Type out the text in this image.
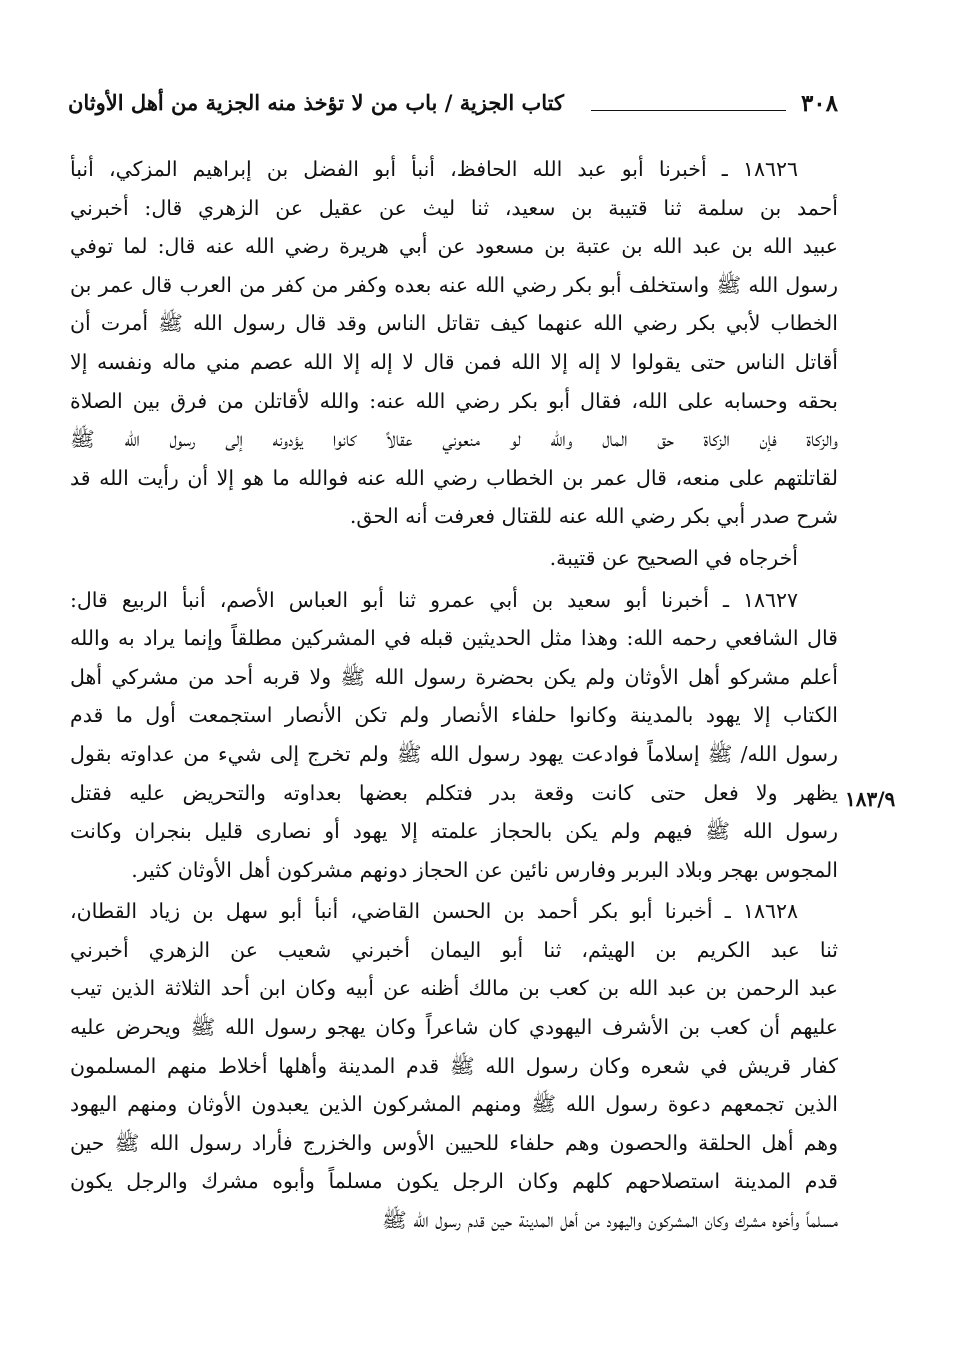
٣٠٨
كتاب الجزية / باب من لا تؤخذ منه الجزية من أهل الأوثان
١٨٣/٩
١٨٦٢٦ ـ أخبرنا أبو عبد الله الحافظ، أنبأ أبو الفضل بن إبراهيم المزكي، أنبأ
أحمد بن سلمة ثنا قتيبة بن سعيد، ثنا ليث عن عقيل عن الزهري قال: أخبرني
عبيد الله بن عبد الله بن عتبة بن مسعود عن أبي هريرة رضي الله عنه قال: لما توفي
رسول الله ﷺ واستخلف أبو بكر رضي الله عنه بعده وكفر من كفر من العرب قال عمر بن
الخطاب لأبي بكر رضي الله عنهما كيف تقاتل الناس وقد قال رسول الله ﷺ أمرت أن
أقاتل الناس حتى يقولوا لا إله إلا الله فمن قال لا إله إلا الله عصم مني ماله ونفسه إلا
بحقه وحسابه على الله، فقال أبو بكر رضي الله عنه: والله لأقاتلن من فرق بين الصلاة
والزكاة فإن الزكاة حق المال والله لو منعوني عقالاً كانوا يؤدونه إلى رسول الله ﷺ
لقاتلتهم على منعه، قال عمر بن الخطاب رضي الله عنه فوالله ما هو إلا أن رأيت الله قد
شرح صدر أبي بكر رضي الله عنه للقتال فعرفت أنه الحق.
أخرجاه في الصحيح عن قتيبة.
١٨٦٢٧ ـ أخبرنا أبو سعيد بن أبي عمرو ثنا أبو العباس الأصم، أنبأ الربيع قال:
قال الشافعي رحمه الله: وهذا مثل الحديثين قبله في المشركين مطلقاً وإنما يراد به والله
أعلم مشركو أهل الأوثان ولم يكن بحضرة رسول الله ﷺ ولا قربه أحد من مشركي أهل
الكتاب إلا يهود بالمدينة وكانوا حلفاء الأنصار ولم تكن الأنصار استجمعت أول ما قدم
رسول الله/ ﷺ إسلاماً فوادعت يهود رسول الله ﷺ ولم تخرج إلى شيء من عداوته بقول
يظهر ولا فعل حتى كانت وقعة بدر فتكلم بعضها بعداوته والتحريض عليه فقتل
رسول الله ﷺ فيهم ولم يكن بالحجاز علمته إلا يهود أو نصارى قليل بنجران وكانت
المجوس بهجر وبلاد البربر وفارس نائين عن الحجاز دونهم مشركون أهل الأوثان كثير.
١٨٦٢٨ ـ أخبرنا أبو بكر أحمد بن الحسن القاضي، أنبأ أبو سهل بن زياد القطان،
ثنا عبد الكريم بن الهيثم، ثنا أبو اليمان أخبرني شعيب عن الزهري أخبرني
عبد الرحمن بن عبد الله بن كعب بن مالك أظنه عن أبيه وكان ابن أحد الثلاثة الذين تيب
عليهم أن كعب بن الأشرف اليهودي كان شاعراً وكان يهجو رسول الله ﷺ ويحرض عليه
كفار قريش في شعره وكان رسول الله ﷺ قدم المدينة وأهلها أخلاط منهم المسلمون
الذين تجمعهم دعوة رسول الله ﷺ ومنهم المشركون الذين يعبدون الأوثان ومنهم اليهود
وهم أهل الحلقة والحصون وهم حلفاء للحيين الأوس والخزرج فأراد رسول الله ﷺ حين
قدم المدينة استصلاحهم كلهم وكان الرجل يكون مسلماً وأبوه مشرك والرجل يكون
مسلماً وأخوه مشرك وكان المشركون واليهود من أهل المدينة حين قدم رسول الله ﷺ
